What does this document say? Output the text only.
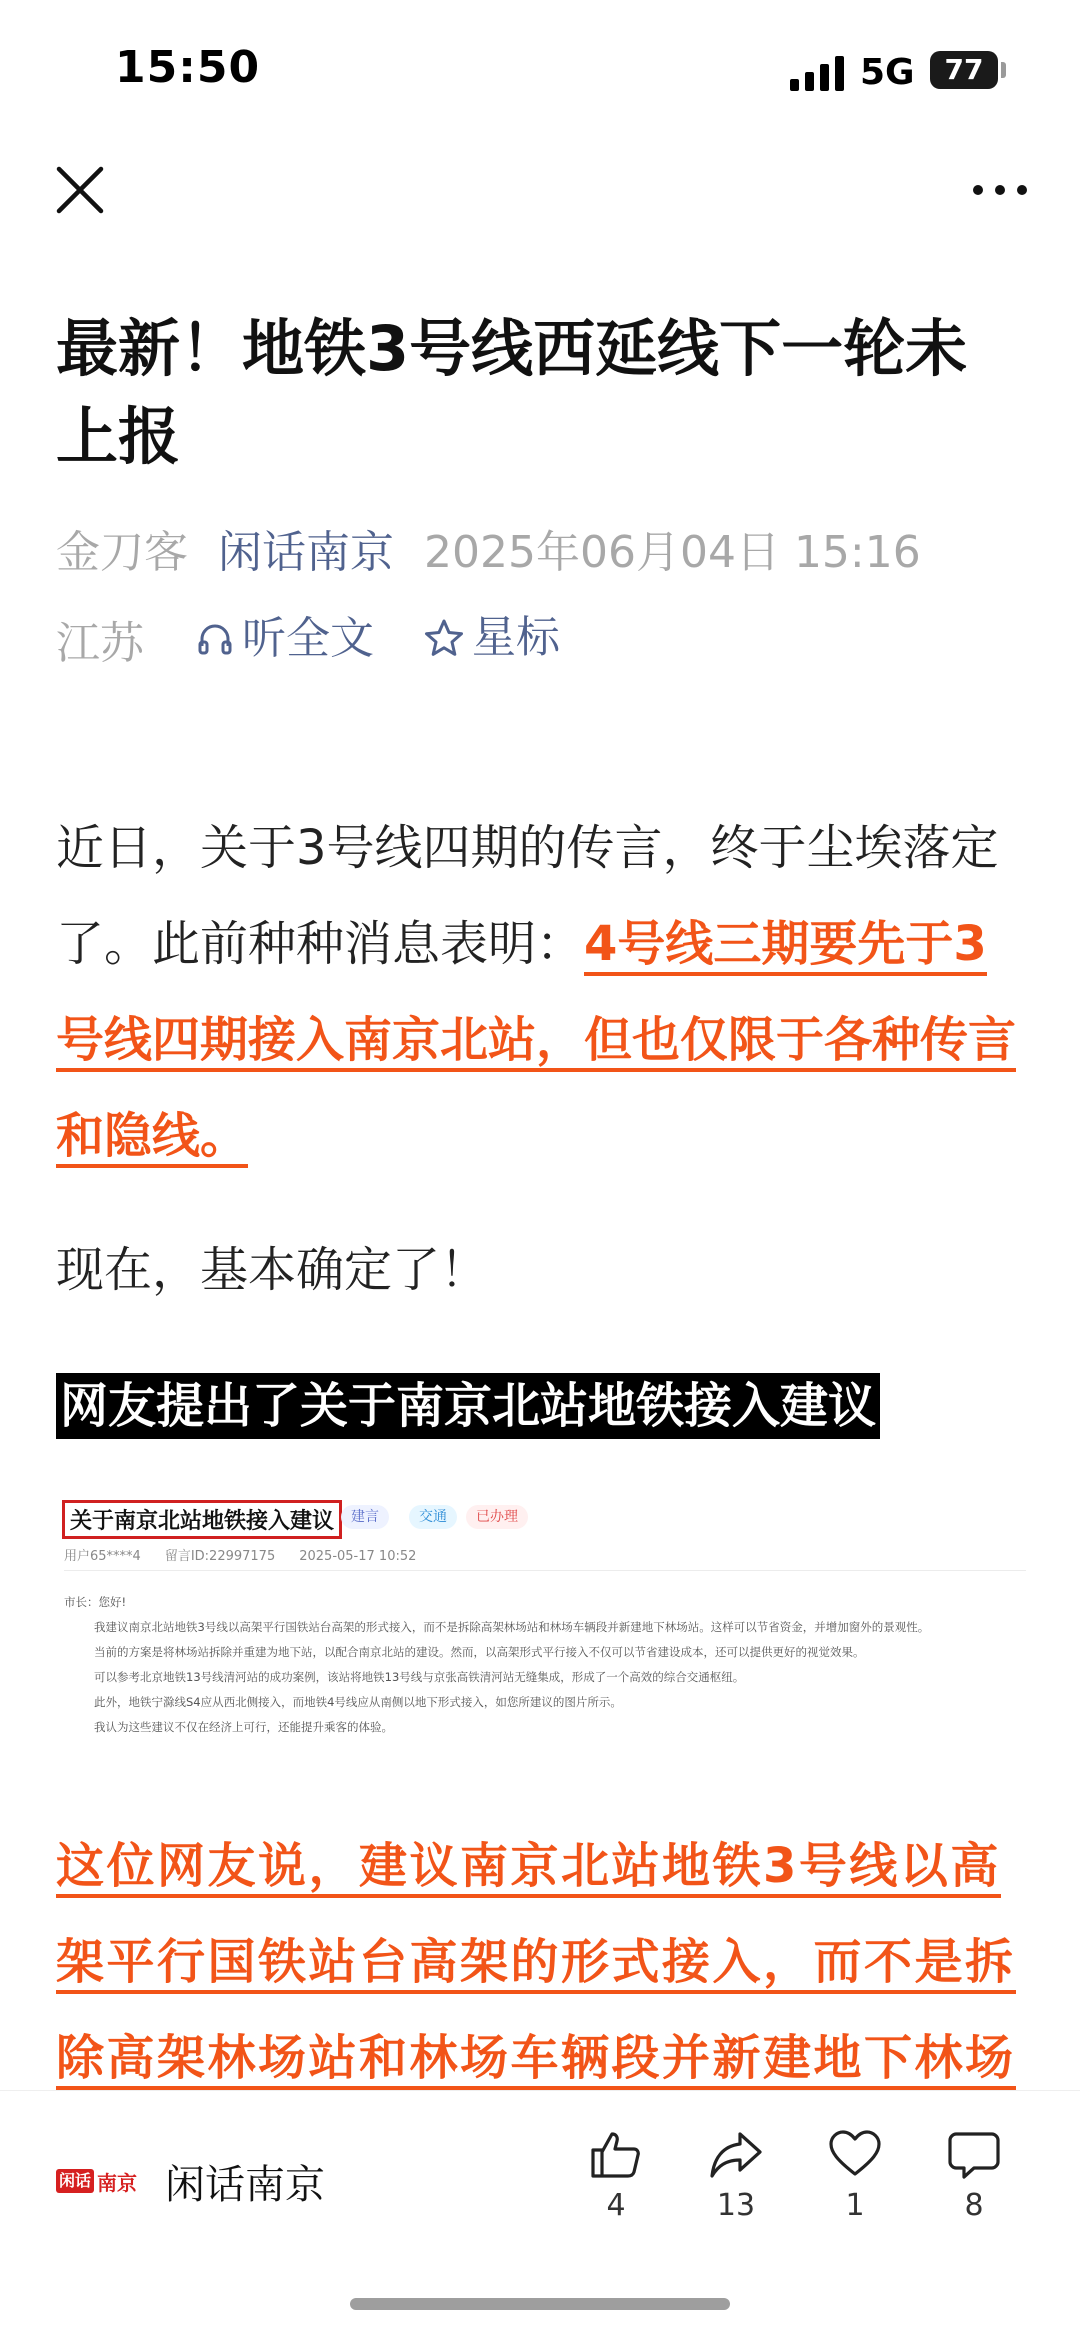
15:50	5G	77
最新！地铁3号线西延线下一轮未上报
金刀客 闲话南京 2025年06月04日 15:16
江苏 听全文
星标
近日，关于3号线四期的传言，终于尘埃落定了。此前种种消息表明：4号线三期要先于3号线四期接入南京北站，但也仅限于各种传言和隐线。
现在，基本确定了！
网友提出了关于南京北站地铁接入建议
关于南京北站地铁接入建议	建言	交通	已办理
用户65****4 留言ID:22997175 2025-05-17 10:52
市长：您好!
我建议南京北站地铁3号线以高架平行国铁站台高架的形式接入，而不是拆除高架林场站和林场车辆段并新建地下林场站。这样可以节省资金，并增加窗外的景观性。
当前的方案是将林场站拆除并重建为地下站，以配合南京北站的建设。然而，以高架形式平行接入不仅可以节省建设成本，还可以提供更好的视觉效果。
可以参考北京地铁13号线清河站的成功案例，该站将地铁13号线与京张高铁清河站无缝集成，形成了一个高效的综合交通枢纽。
此外，地铁宁滁线S4应从西北侧接入，而地铁4号线应从南侧以地下形式接入，如您所建议的图片所示。
我认为这些建议不仅在经济上可行，还能提升乘客的体验。
这位网友说，建议南京北站地铁3号线以高架平行国铁站台高架的形式接入，而不是拆除高架林场站和林场车辆段并新建地下林场
闲话 南京 闲话南京	4	13	1	8
